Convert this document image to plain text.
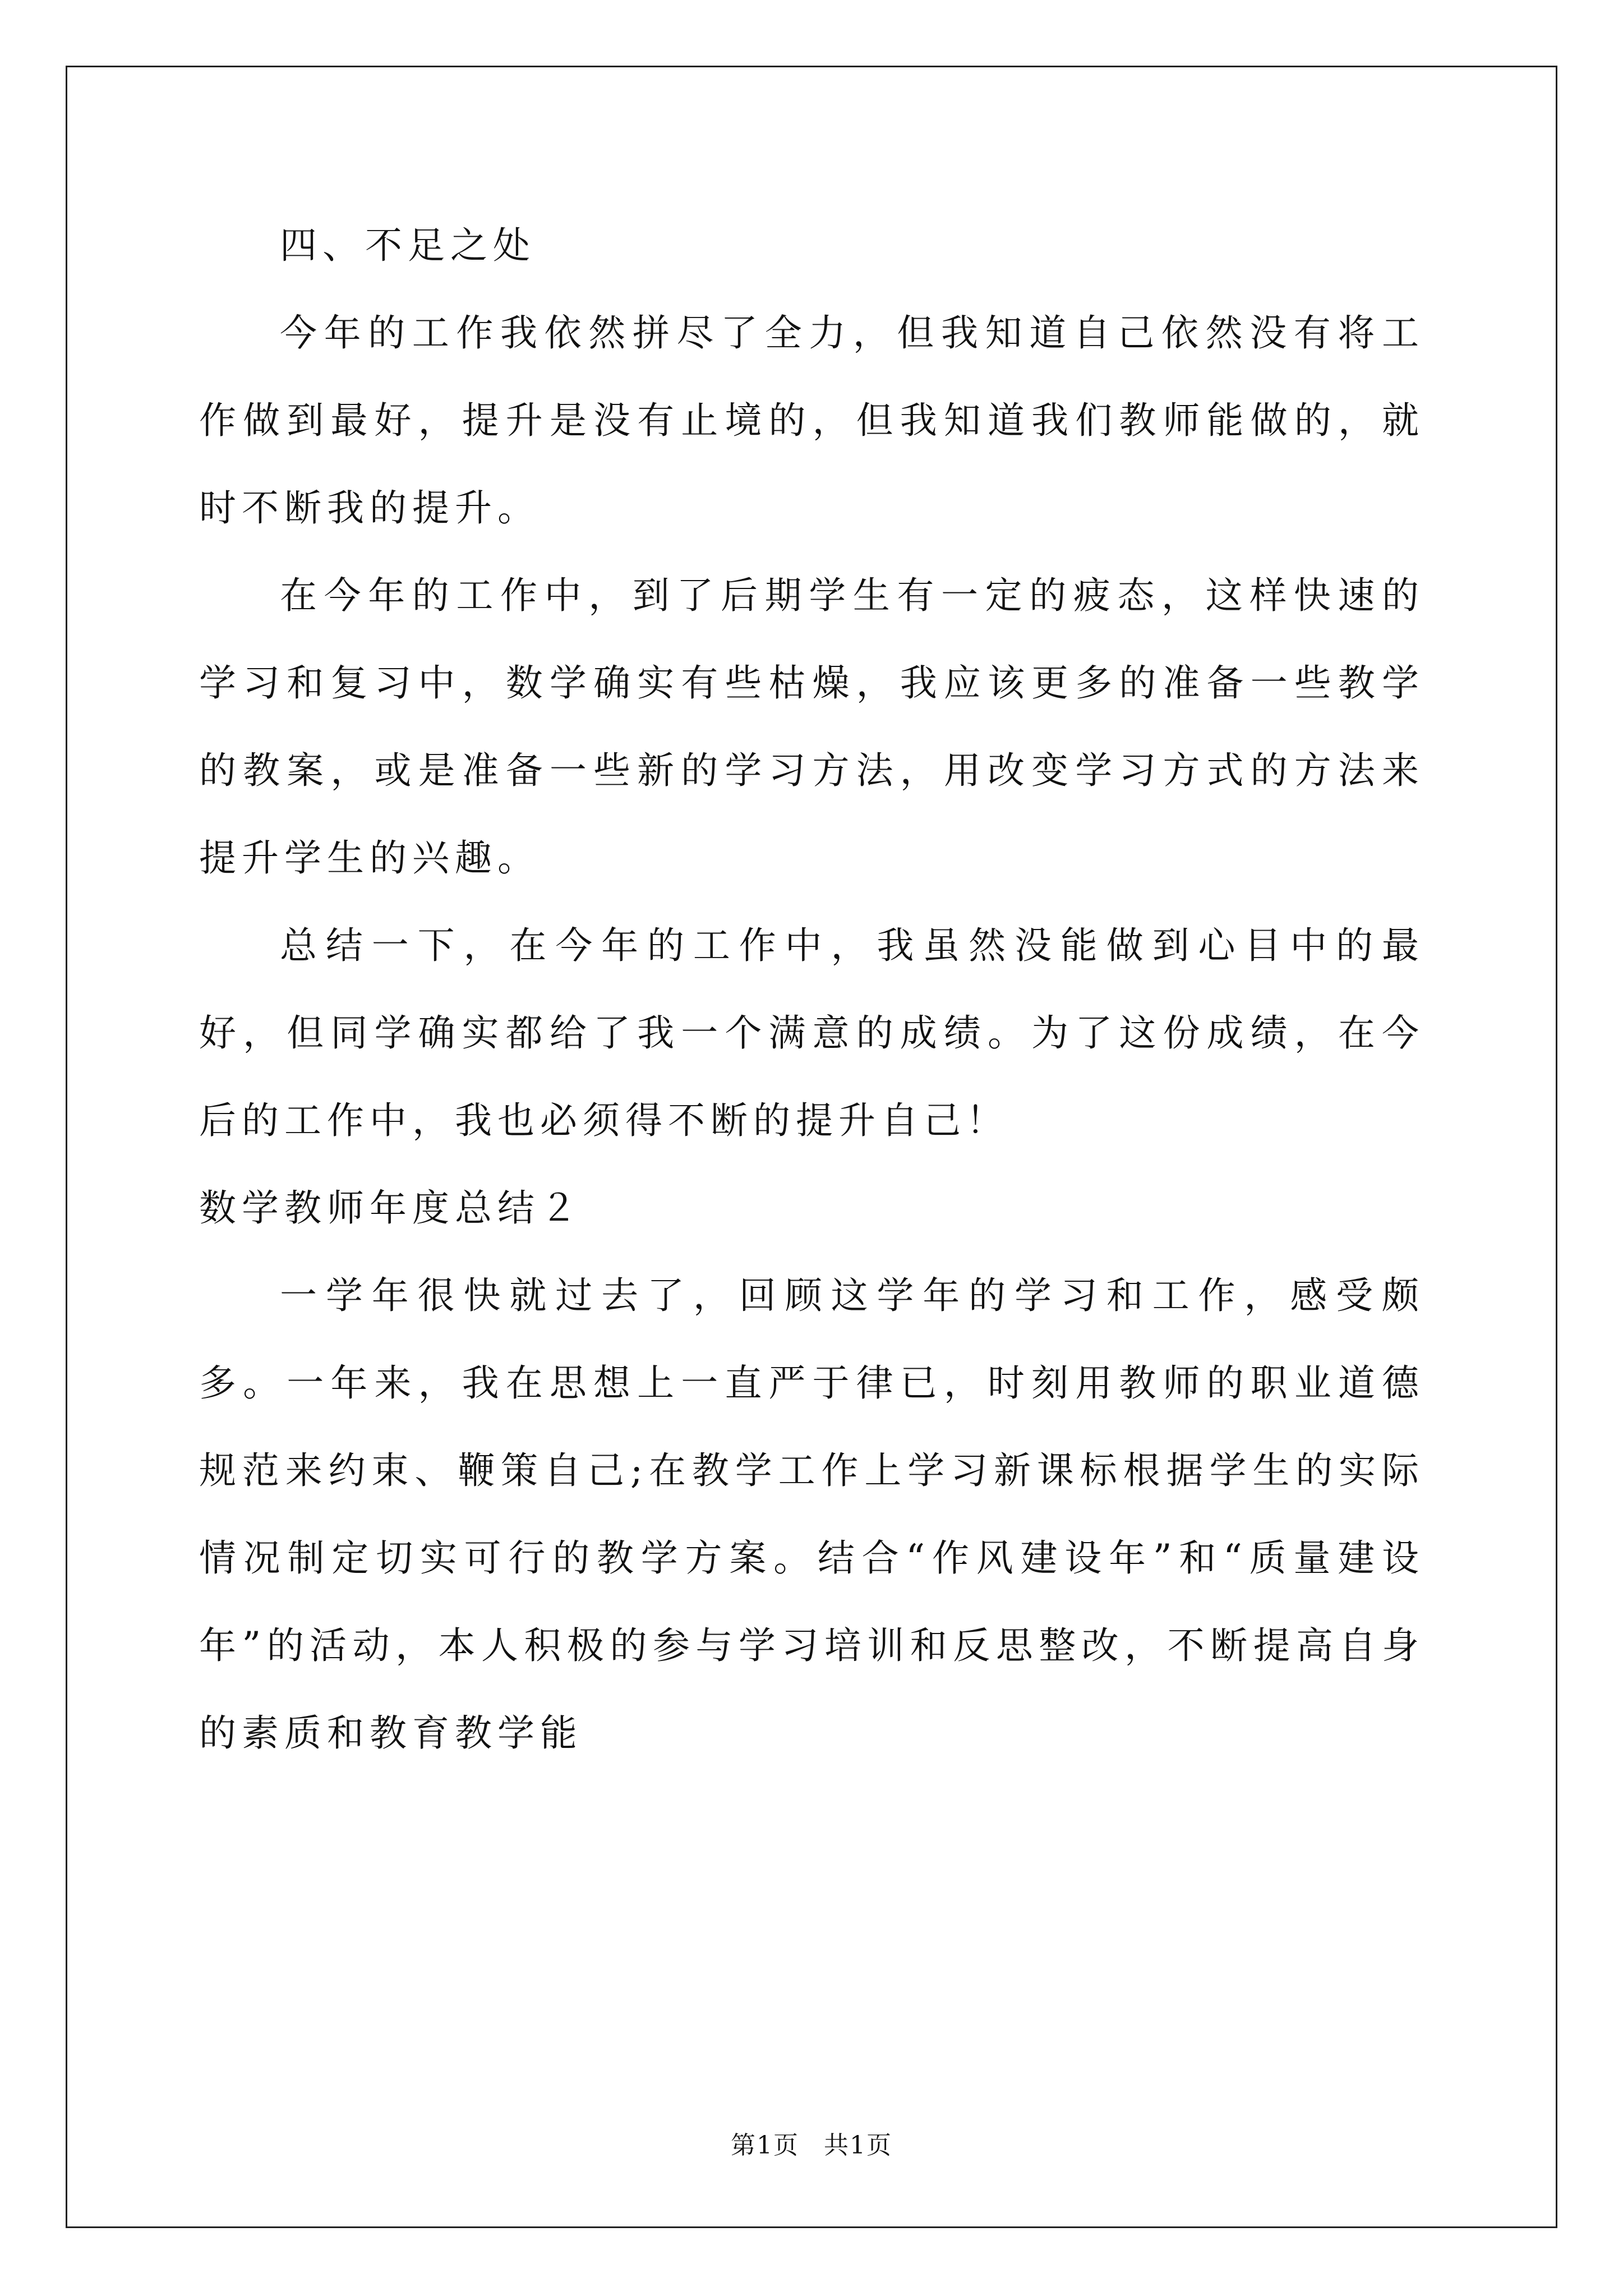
四、不足之处

今年的工作我依然拼尽了全力，但我知道自己依然没有将工作做到最好，提升是没有止境的，但我知道我们教师能做的，就时不断我的提升。

在今年的工作中，到了后期学生有一定的疲态，这样快速的学习和复习中，数学确实有些枯燥，我应该更多的准备一些教学的教案，或是准备一些新的学习方法，用改变学习方式的方法来提升学生的兴趣。

总结一下，在今年的工作中，我虽然没能做到心目中的最好，但同学确实都给了我一个满意的成绩。为了这份成绩，在今后的工作中，我也必须得不断的提升自己！

数学教师年度总结２

一学年很快就过去了，回顾这学年的学习和工作，感受颇多。一年来，我在思想上一直严于律已，时刻用教师的职业道德规范来约束、鞭策自己;在教学工作上学习新课标根据学生的实际情况制定切实可行的教学方案。结合“作风建设年”和“质量建设年”的活动，本人积极的参与学习培训和反思整改，不断提高自身的素质和教育教学能

第1页 共1页
